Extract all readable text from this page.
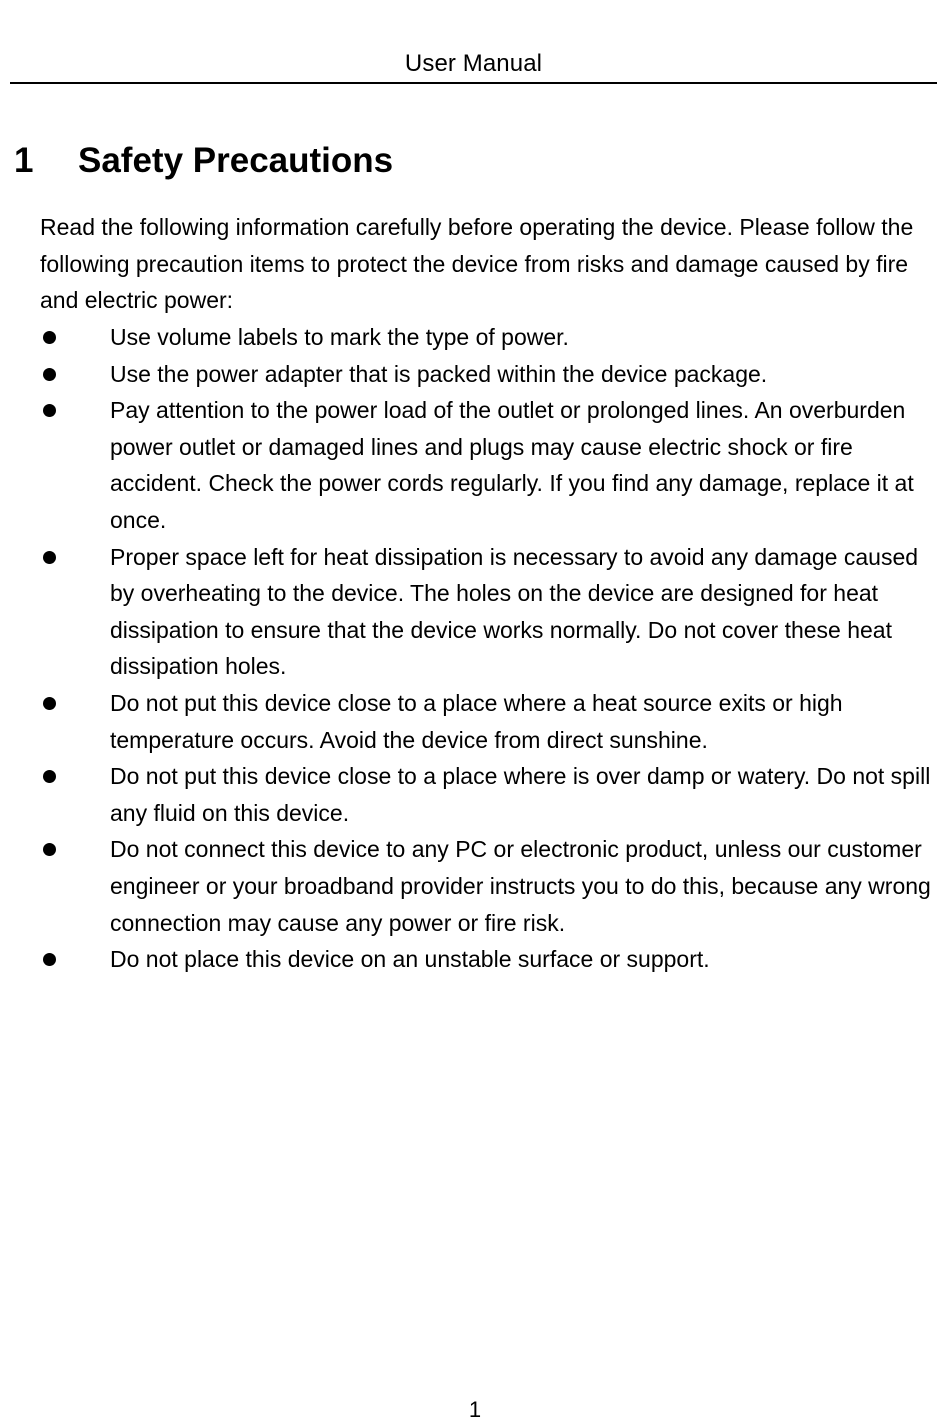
User Manual
1 Safety Precautions

Read the following information carefully before operating the device. Please follow the following precaution items to protect the device from risks and damage caused by fire and electric power:

Use volume labels to mark the type of power.
Use the power adapter that is packed within the device package.
Pay attention to the power load of the outlet or prolonged lines. An overburden power outlet or damaged lines and plugs may cause electric shock or fire accident. Check the power cords regularly. If you find any damage, replace it at once.
Proper space left for heat dissipation is necessary to avoid any damage caused by overheating to the device. The holes on the device are designed for heat dissipation to ensure that the device works normally. Do not cover these heat dissipation holes.
Do not put this device close to a place where a heat source exits or high temperature occurs. Avoid the device from direct sunshine.
Do not put this device close to a place where is over damp or watery. Do not spill any fluid on this device.
Do not connect this device to any PC or electronic product, unless our customer engineer or your broadband provider instructs you to do this, because any wrong connection may cause any power or fire risk.
Do not place this device on an unstable surface or support.
1
